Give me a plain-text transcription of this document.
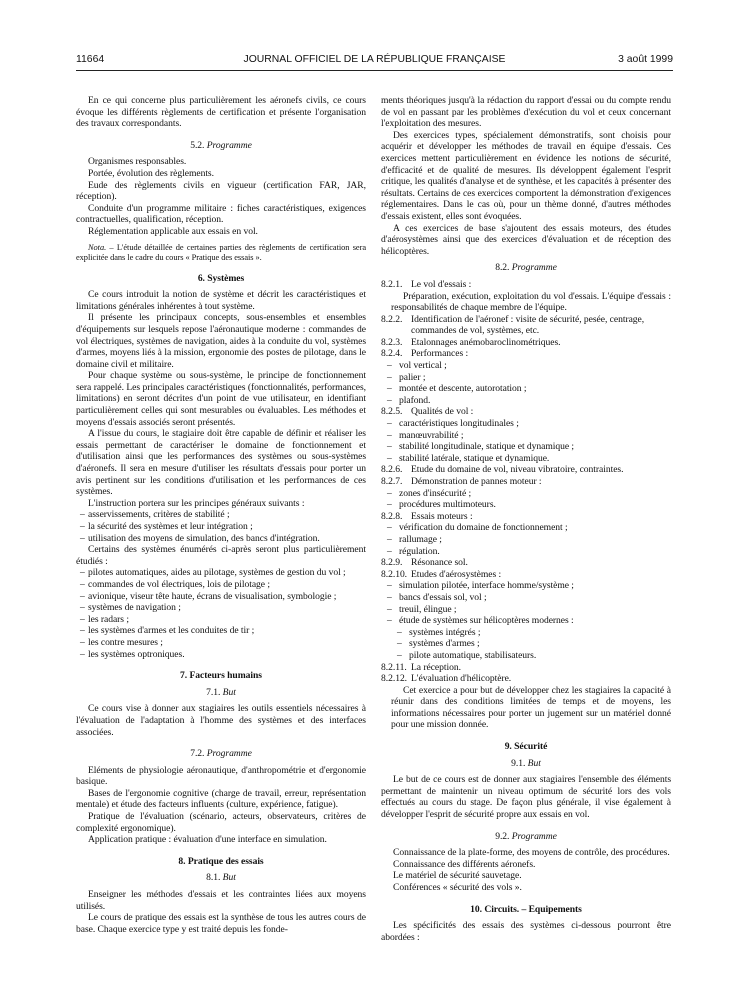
11664	JOURNAL OFFICIEL DE LA RÉPUBLIQUE FRANÇAISE	3 août 1999

En ce qui concerne plus particulièrement les aéronefs civils, ce cours évoque les différents règlements de certification et présente l'organisation des travaux correspondants.

5.2. Programme

Organismes responsables.

Portée, évolution des règlements.

Eude des règlements civils en vigueur (certification FAR, JAR, réception).

Conduite d'un programme militaire : fiches caractéristiques, exigences contractuelles, qualification, réception.

Réglementation applicable aux essais en vol.

Nota. – L'étude détaillée de certaines parties des règlements de certification sera explicitée dans le cadre du cours « Pratique des essais ».

6. Systèmes

Ce cours introduit la notion de système et décrit les caractéristiques et limitations générales inhérentes à tout système.

Il présente les principaux concepts, sous-ensembles et ensembles d'équipements sur lesquels repose l'aéronautique moderne : commandes de vol électriques, systèmes de navigation, aides à la conduite du vol, systèmes d'armes, moyens liés à la mission, ergonomie des postes de pilotage, dans le domaine civil et militaire.

Pour chaque système ou sous-système, le principe de fonctionnement sera rappelé. Les principales caractéristiques (fonctionnalités, performances, limitations) en seront décrites d'un point de vue utilisateur, en identifiant particulièrement celles qui sont mesurables ou évaluables. Les méthodes et moyens d'essais associés seront présentés.

A l'issue du cours, le stagiaire doit être capable de définir et réaliser les essais permettant de caractériser le domaine de fonctionnement et d'utilisation ainsi que les performances des systèmes ou sous-systèmes d'aéronefs. Il sera en mesure d'utiliser les résultats d'essais pour porter un avis pertinent sur les conditions d'utilisation et les performances de ces systèmes.

L'instruction portera sur les principes généraux suivants :

– asservissements, critères de stabilité ;

– la sécurité des systèmes et leur intégration ;

– utilisation des moyens de simulation, des bancs d'intégration.

Certains des systèmes énumérés ci-après seront plus particulièrement étudiés :

– pilotes automatiques, aides au pilotage, systèmes de gestion du vol ;

– commandes de vol électriques, lois de pilotage ;

– avionique, viseur tête haute, écrans de visualisation, symbologie ;

– systèmes de navigation ;

– les radars ;

– les systèmes d'armes et les conduites de tir ;

– les contre mesures ;

– les systèmes optroniques.

7. Facteurs humains

7.1. But

Ce cours vise à donner aux stagiaires les outils essentiels nécessaires à l'évaluation de l'adaptation à l'homme des systèmes et des interfaces associées.

7.2. Programme

Eléments de physiologie aéronautique, d'anthropométrie et d'ergonomie basique.

Bases de l'ergonomie cognitive (charge de travail, erreur, représentation mentale) et étude des facteurs influents (culture, expérience, fatigue).

Pratique de l'évaluation (scénario, acteurs, observateurs, critères de complexité ergonomique).

Application pratique : évaluation d'une interface en simulation.

8. Pratique des essais

8.1. But

Enseigner les méthodes d'essais et les contraintes liées aux moyens utilisés.

Le cours de pratique des essais est la synthèse de tous les autres cours de base. Chaque exercice type y est traité depuis les fonde-

ments théoriques jusqu'à la rédaction du rapport d'essai ou du compte rendu de vol en passant par les problèmes d'exécution du vol et ceux concernant l'exploitation des mesures.

Des exercices types, spécialement démonstratifs, sont choisis pour acquérir et développer les méthodes de travail en équipe d'essais. Ces exercices mettent particulièrement en évidence les notions de sécurité, d'efficacité et de qualité de mesures. Ils développent également l'esprit critique, les qualités d'analyse et de synthèse, et les capacités à présenter des résultats. Certains de ces exercices comportent la démonstration d'exigences réglementaires. Dans le cas où, pour un thème donné, d'autres méthodes d'essais existent, elles sont évoquées.

A ces exercices de base s'ajoutent des essais moteurs, des études d'aérosystèmes ainsi que des exercices d'évaluation et de réception des hélicoptères.

8.2. Programme

8.2.1. Le vol d'essais :

Préparation, exécution, exploitation du vol d'essais. L'équipe d'essais : responsabilités de chaque membre de l'équipe.

8.2.2. Identification de l'aéronef : visite de sécurité, pesée, centrage, commandes de vol, systèmes, etc.
8.2.3. Etalonnages anémobaroclinométriques.
8.2.4. Performances :

– vol vertical ;

– palier ;

– montée et descente, autorotation ;

– plafond.

8.2.5. Qualités de vol :

– caractéristiques longitudinales ;

– manœuvrabilité ;

– stabilité longitudinale, statique et dynamique ;

– stabilité latérale, statique et dynamique.

8.2.6. Etude du domaine de vol, niveau vibratoire, contraintes.
8.2.7. Démonstration de pannes moteur :

– zones d'insécurité ;

– procédures multimoteurs.

8.2.8. Essais moteurs :

– vérification du domaine de fonctionnement ;

– rallumage ;

– régulation.

8.2.9. Résonance sol.
8.2.10. Etudes d'aérosystèmes :

– simulation pilotée, interface homme/système ;

– bancs d'essais sol, vol ;

– treuil, élingue ;

– étude de systèmes sur hélicoptères modernes :

– systèmes intégrés ;

– systèmes d'armes ;

– pilote automatique, stabilisateurs.

8.2.11. La réception.
8.2.12. L'évaluation d'hélicoptère.

Cet exercice a pour but de développer chez les stagiaires la capacité à réunir dans des conditions limitées de temps et de moyens, les informations nécessaires pour porter un jugement sur un matériel donné pour une mission donnée.

9. Sécurité

9.1. But

Le but de ce cours est de donner aux stagiaires l'ensemble des éléments permettant de maintenir un niveau optimum de sécurité lors des vols effectués au cours du stage. De façon plus générale, il vise également à développer l'esprit de sécurité propre aux essais en vol.

9.2. Programme

Connaissance de la plate-forme, des moyens de contrôle, des procédures.

Connaissance des différents aéronefs.

Le matériel de sécurité sauvetage.

Conférences « sécurité des vols ».

10. Circuits. – Equipements

Les spécificités des essais des systèmes ci-dessous pourront être abordées :
